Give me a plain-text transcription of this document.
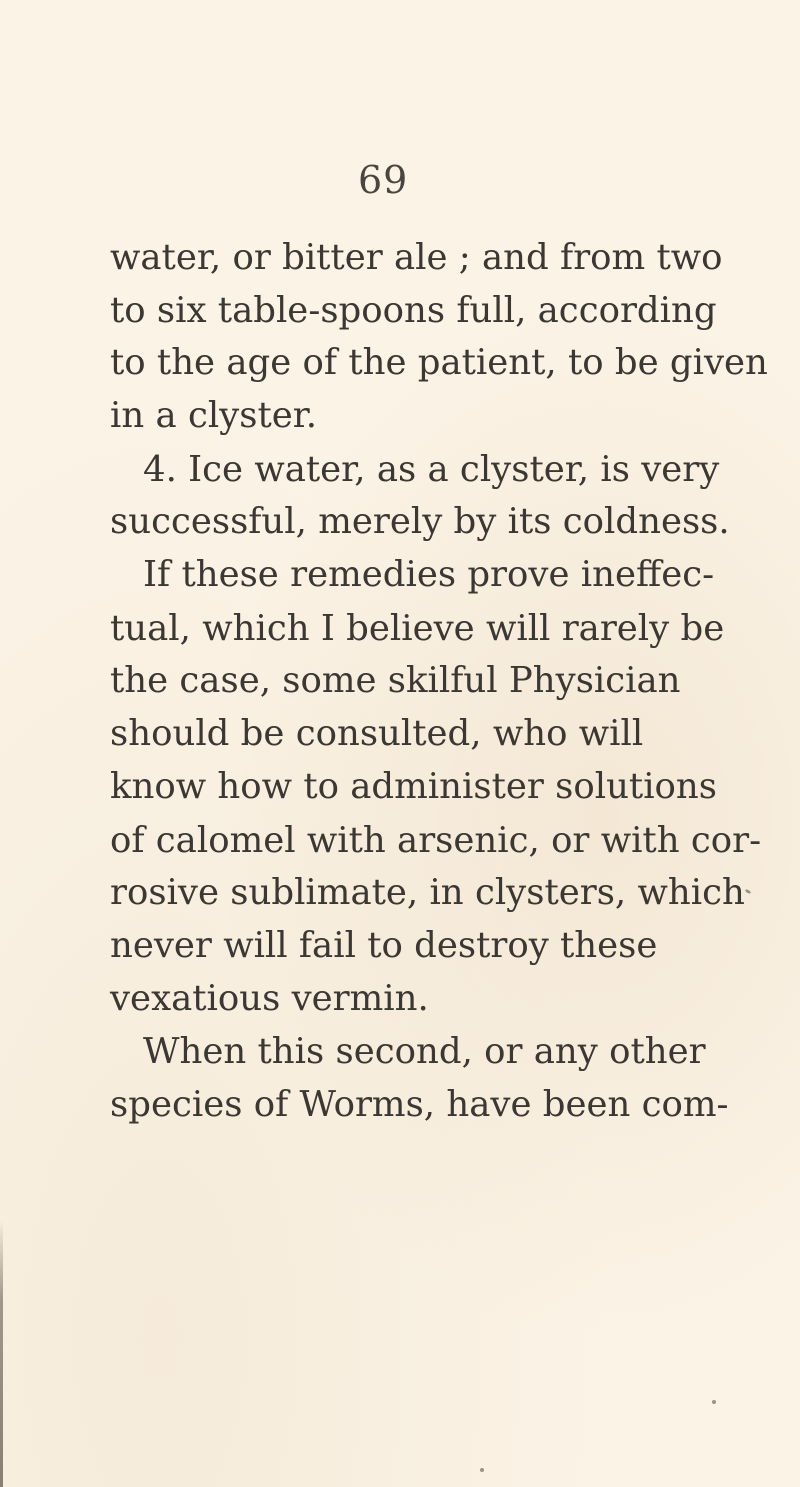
69
water, or bitter ale ; and from two
to six table-spoons full, according
to the age of the patient, to be given
in a clyster.
4. Ice water, as a clyster, is very
successful, merely by its coldness.
If these remedies prove ineffec-
tual, which I believe will rarely be
the case, some skilful Physician
should be consulted, who will
know how to administer solutions
of calomel with arsenic, or with cor-
rosive sublimate, in clysters, which
never will fail to destroy these
vexatious vermin.
When this second, or any other
species of Worms, have been com-
